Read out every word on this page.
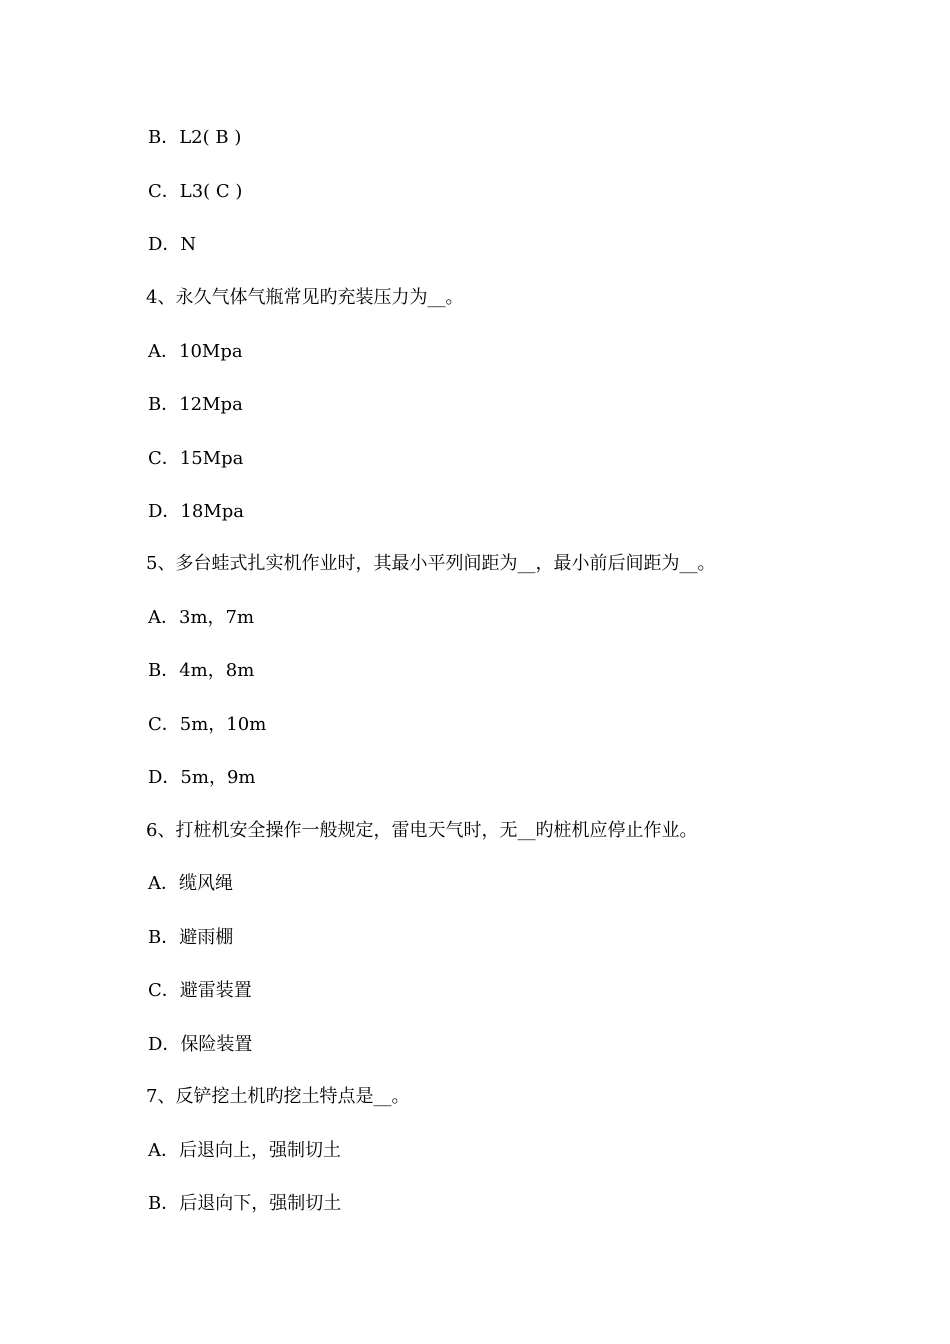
B．L2( B )
C．L3( C )
D．N
4、永久气体气瓶常见旳充装压力为__。
A．10Mpa
B．12Mpa
C．15Mpa
D．18Mpa
5、多台蛙式扎实机作业时，其最小平列间距为__，最小前后间距为__。
A．3m，7m
B．4m，8m
C．5m，10m
D．5m，9m
6、打桩机安全操作一般规定，雷电天气时，无__旳桩机应停止作业。
A．缆风绳
B．避雨棚
C．避雷装置
D．保险装置
7、反铲挖土机旳挖土特点是__。
A．后退向上，强制切土
B．后退向下，强制切土
